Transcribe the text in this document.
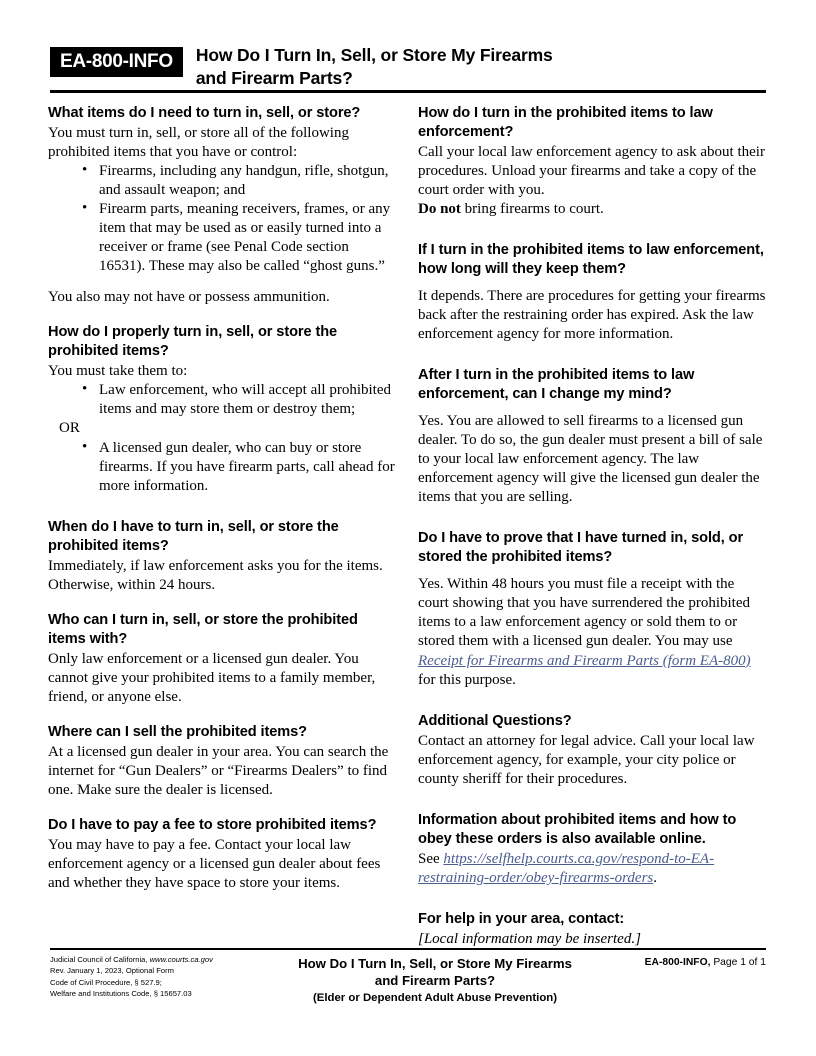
EA-800-INFO	How Do I Turn In, Sell, or Store My Firearms
and Firearm Parts?
What items do I need to turn in, sell, or store?

You must turn in, sell, or store all of the following prohibited items that you have or control:

• Firearms, including any handgun, rifle, shotgun, and assault weapon; and
• Firearm parts, meaning receivers, frames, or any item that may be used as or easily turned into a receiver or frame (see Penal Code section 16531). These may also be called “ghost guns.”

You also may not have or possess ammunition.

How do I properly turn in, sell, or store the prohibited items?

You must take them to:

• Law enforcement, who will accept all prohibited items and may store them or destroy them;

OR

• A licensed gun dealer, who can buy or store firearms. If you have firearm parts, call ahead for more information.
When do I have to turn in, sell, or store the prohibited items?

Immediately, if law enforcement asks you for the items. Otherwise, within 24 hours.

Who can I turn in, sell, or store the prohibited items with?

Only law enforcement or a licensed gun dealer. You cannot give your prohibited items to a family member, friend, or anyone else.

Where can I sell the prohibited items?

At a licensed gun dealer in your area. You can search the internet for “Gun Dealers” or “Firearms Dealers” to find one. Make sure the dealer is licensed.

Do I have to pay a fee to store prohibited items?

You may have to pay a fee. Contact your local law enforcement agency or a licensed gun dealer about fees and whether they have space to store your items.

How do I turn in the prohibited items to law enforcement?

Call your local law enforcement agency to ask about their procedures. Unload your firearms and take a copy of the court order with you.

Do not bring firearms to court.

If I turn in the prohibited items to law enforcement, how long will they keep them?

It depends. There are procedures for getting your firearms back after the restraining order has expired. Ask the law enforcement agency for more information.

After I turn in the prohibited items to law enforcement, can I change my mind?

Yes. You are allowed to sell firearms to a licensed gun dealer. To do so, the gun dealer must present a bill of sale to your local law enforcement agency. The law enforcement agency will give the licensed gun dealer the items that you are selling.

Do I have to prove that I have turned in, sold, or stored the prohibited items?

Yes. Within 48 hours you must file a receipt with the court showing that you have surrendered the prohibited items to a law enforcement agency or sold them to or stored them with a licensed gun dealer. You may use Receipt for Firearms and Firearm Parts (form EA-800) for this purpose.

Additional Questions?

Contact an attorney for legal advice. Call your local law enforcement agency, for example, your city police or county sheriff for their procedures.

Information about prohibited items and how to obey these orders is also available online.

See https://selfhelp.courts.ca.gov/respond-to-EA-restraining-order/obey-firearms-orders.

For help in your area, contact:

[Local information may be inserted.]

Judicial Council of California, www.courts.ca.gov
Rev. January 1, 2023, Optional Form
Code of Civil Procedure, § 527.9;
Welfare and Institutions Code, § 15657.03
How Do I Turn In, Sell, or Store My Firearms
and Firearm Parts?
(Elder or Dependent Adult Abuse Prevention)
EA-800-INFO, Page 1 of 1
